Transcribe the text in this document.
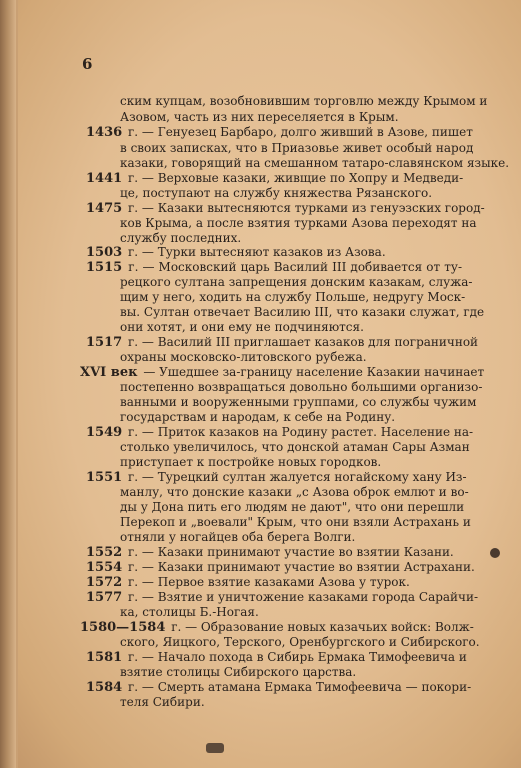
6
ским купцам, возобновившим торговлю между Крымом и
Азовом, часть из них переселяется в Крым.
1436 г. — Генуезец Барбаро, долго живший в Азове, пишет
в своих записках, что в Приазовье живет особый народ
казаки, говорящий на смешанном татаро-славянском языке.
1441 г. — Верховые казаки, живщие по Хопру и Медведи-
це, поступают на службу княжества Рязанского.
1475 г. — Казаки вытесняются турками из генуэзских город-
ков Крыма, а после взятия турками Азова переходят на
службу последних.
1503 г. — Турки вытесняют казаков из Азова.
1515 г. — Московский царь Василий III добивается от ту-
рецкого султана запрещения донским казакам, служа-
щим у него, ходить на службу Польше, недругу Моск-
вы. Султан отвечает Василию III, что казаки служат, где
они хотят, и они ему не подчиняются.
1517 г. — Василий III приглашает казаков для пограничной
охраны московско-литовского рубежа.
XVI век — Ушедшее за-границу население Казакии начинает
постепенно возвращаться довольно большими организо-
ванными и вооруженными группами, со службы чужим
государствам и народам, к себе на Родину.
1549 г. — Приток казаков на Родину растет. Население на-
столько увеличилось, что донской атаман Сары Азман
приступает к постройке новых городков.
1551 г. — Турецкий султан жалуется ногайскому хану Из-
манлу, что донские казаки „с Азова оброк емлют и во-
ды у Дона пить его людям не дают", что они перешли
Перекоп и „воевали" Крым, что они взяли Астрахань и
отняли у ногайцев оба берега Волги.
1552 г. — Казаки принимают участие во взятии Казани.
1554 г. — Казаки принимают участие во взятии Астрахани.
1572 г. — Первое взятие казаками Азова у турок.
1577 г. — Взятие и уничтожение казаками города Сарайчи-
ка, столицы Б.-Ногая.
1580—1584 г. — Образование новых казачьих войск: Волж-
ского, Яицкого, Терского, Оренбургского и Сибирского.
1581 г. — Начало похода в Сибирь Ермака Тимофеевича и
взятие столицы Сибирского царства.
1584 г. — Смерть атамана Ермака Тимофеевича — покори-
теля Сибири.
